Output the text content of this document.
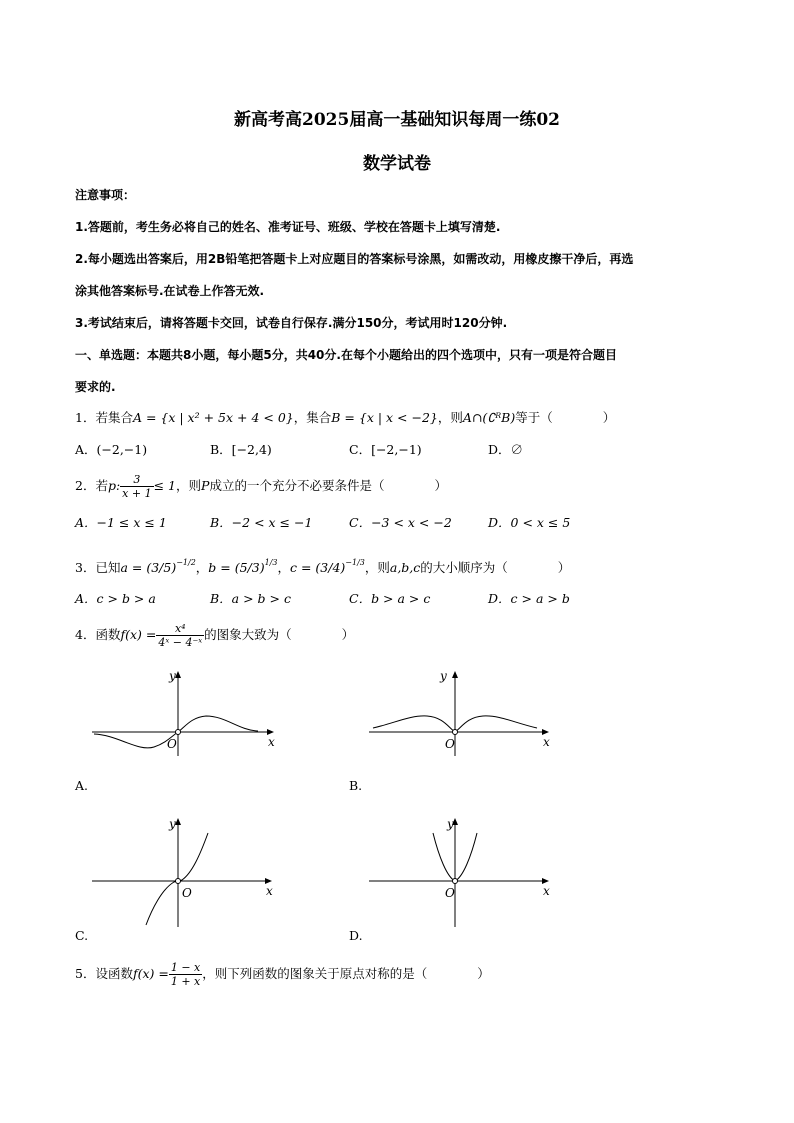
新高考高2025届高一基础知识每周一练02
数学试卷
注意事项：
1.答题前，考生务必将自己的姓名、准考证号、班级、学校在答题卡上填写清楚.
2.每小题选出答案后，用2B铅笔把答题卡上对应题目的答案标号涂黑，如需改动，用橡皮擦干净后，再选
涂其他答案标号.在试卷上作答无效.
3.考试结束后，请将答题卡交回，试卷自行保存.满分150分，考试用时120分钟.
一、单选题：本题共8小题，每小题5分，共40分.在每个小题给出的四个选项中，只有一项是符合题目
要求的.
1．若集合A = {x | x² + 5x + 4 < 0}，集合B = {x | x < −2}，则A∩(∁ᴿB)等于（　　　　）
A．(−2,−1)	B．[−2,4)	C．[−2,−1)	D．∅
2．若p: $\frac{3}{x + 1} \le 1$，则P成立的一个充分不必要条件是（　　　　）
A．−1 ≤ x ≤ 1	B．−2 < x ≤ −1	C．−3 < x < −2	D．0 < x ≤ 5
3．已知$a = (3/5)^{-1/2}$，$b = (5/3)^{1/3}$，$c = (3/4)^{-1/3}$，则a,b,c的大小顺序为（　　　　）
A．c > b > a	B．a > b > c	C．b > a > c	D．c > a > b
4．函数$f(x) = \frac{\text{x⁴}}{\text{4ˣ − 4⁻ˣ}}$ 的图象大致为（　　　　）
x
y
O
A.
x
y
O
B.
x
y
O
C.
x
y
O
D.
5．设函数$f(x) = \frac{1 - x}{1 + x}$ ，则下列函数的图象关于原点对称的是（　　　　）
